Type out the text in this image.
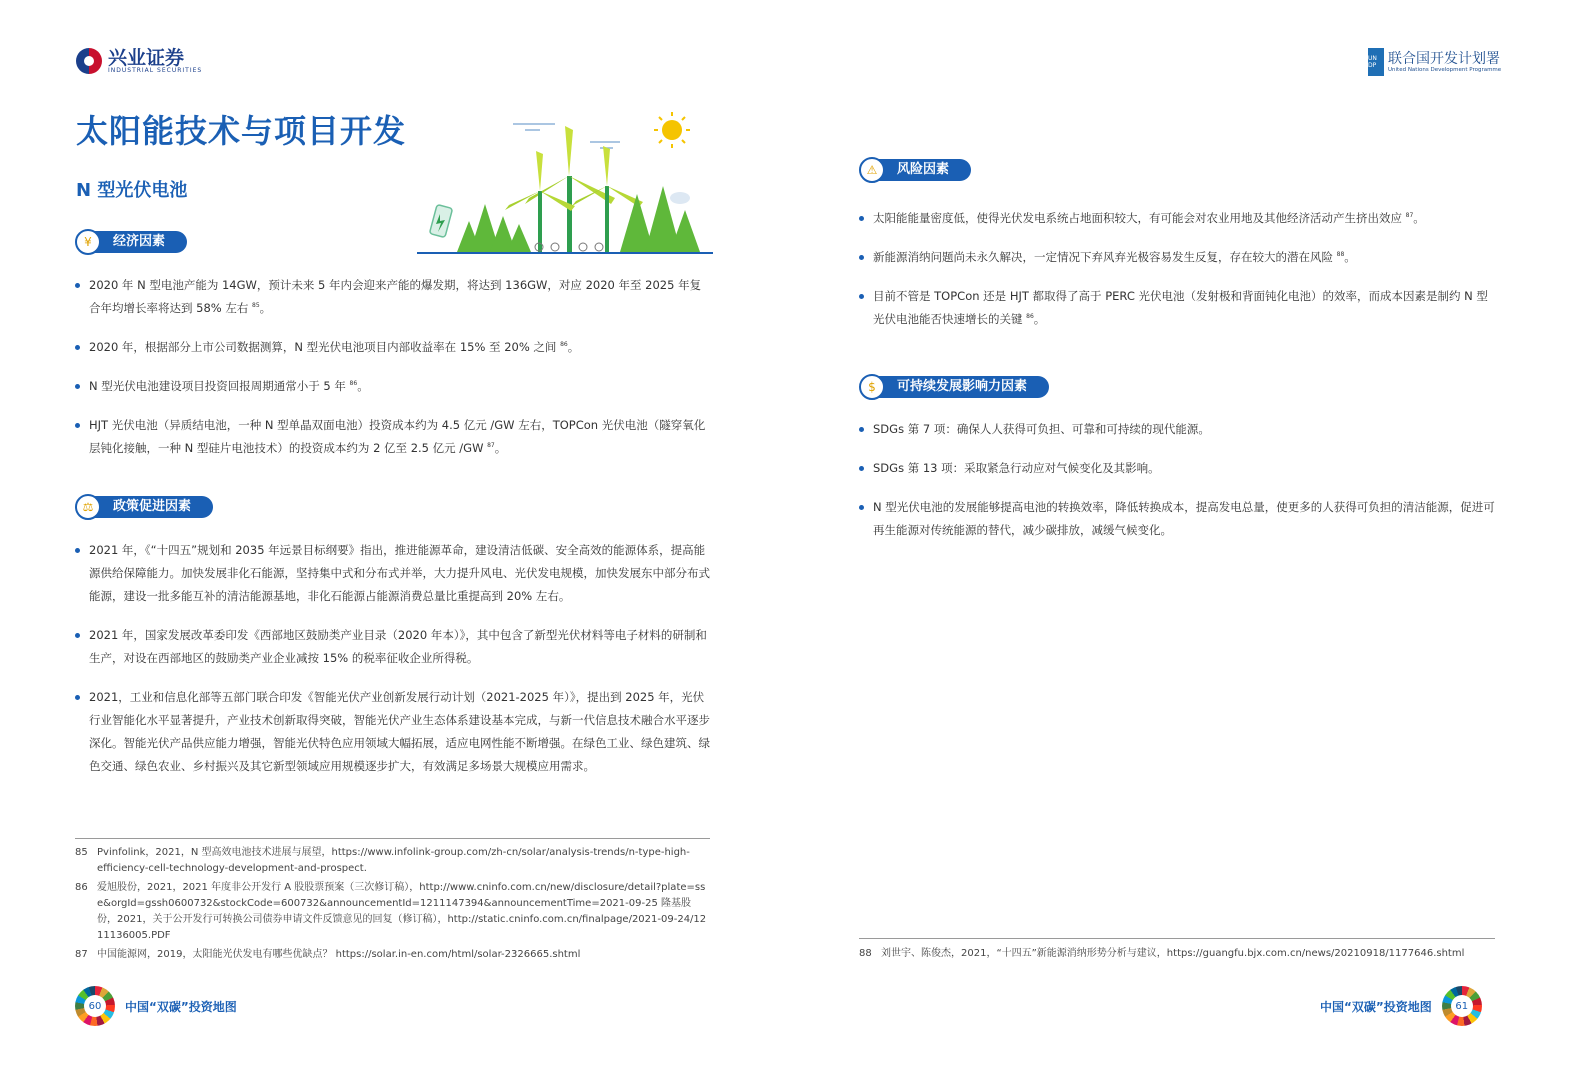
兴业证券
INDUSTRIAL SECURITIES
UN DP 联合国开发计划署
United Nations Development Programme
太阳能技术与项目开发
N 型光伏电池
¥	经济因素
2020 年 N 型电池产能为 14GW，预计未来 5 年内会迎来产能的爆发期，将达到 136GW，对应 2020 年至 2025 年复合年均增长率将达到 58% 左右 $^{85}$。
2020 年，根据部分上市公司数据测算，N 型光伏电池项目内部收益率在 15% 至 20% 之间 $^{86}$。
N 型光伏电池建设项目投资回报周期通常小于 5 年 $^{86}$。
HJT 光伏电池（异质结电池，一种 N 型单晶双面电池）投资成本约为 4.5 亿元 /GW 左右，TOPCon 光伏电池（隧穿氧化层钝化接触，一种 N 型硅片电池技术）的投资成本约为 2 亿至 2.5 亿元 /GW $^{87}$。
⚖	政策促进因素
2021 年，《“十四五”规划和 2035 年远景目标纲要》指出，推进能源革命，建设清洁低碳、安全高效的能源体系，提高能源供给保障能力。加快发展非化石能源，坚持集中式和分布式并举，大力提升风电、光伏发电规模，加快发展东中部分布式能源，建设一批多能互补的清洁能源基地，非化石能源占能源消费总量比重提高到 20% 左右。
2021 年，国家发展改革委印发《西部地区鼓励类产业目录（2020 年本）》，其中包含了新型光伏材料等电子材料的研制和生产，对设在西部地区的鼓励类产业企业减按 15% 的税率征收企业所得税。
2021，工业和信息化部等五部门联合印发《智能光伏产业创新发展行动计划（2021-2025 年）》，提出到 2025 年，光伏行业智能化水平显著提升，产业技术创新取得突破，智能光伏产业生态体系建设基本完成，与新一代信息技术融合水平逐步深化。智能光伏产品供应能力增强，智能光伏特色应用领域大幅拓展，适应电网性能不断增强。在绿色工业、绿色建筑、绿色交通、绿色农业、乡村振兴及其它新型领域应用规模逐步扩大，有效满足多场景大规模应用需求。
85 Pvinfolink，2021，N 型高效电池技术进展与展望，https://www.infolink-group.com/zh-cn/solar/analysis-trends/n-type-high-efficiency-cell-technology-development-and-prospect.
86 爱旭股份，2021，2021 年度非公开发行 A 股股票预案（三次修订稿），http://www.cninfo.com.cn/new/disclosure/detail?plate=sse&orgId=gssh0600732&stockCode=600732&announcementId=1211147394&announcementTime=2021-09-25 隆基股份，2021，关于公开发行可转换公司债券申请文件反馈意见的回复（修订稿），http://static.cninfo.com.cn/finalpage/2021-09-24/1211136005.PDF
87 中国能源网，2019，太阳能光伏发电有哪些优缺点？ https://solar.in-en.com/html/solar-2326665.shtml
⚠	风险因素
太阳能能量密度低，使得光伏发电系统占地面积较大，有可能会对农业用地及其他经济活动产生挤出效应 $^{87}$。
新能源消纳问题尚未永久解决，一定情况下弃风弃光极容易发生反复，存在较大的潜在风险 $^{88}$。
目前不管是 TOPCon 还是 HJT 都取得了高于 PERC 光伏电池（发射极和背面钝化电池）的效率，而成本因素是制约 N 型光伏电池能否快速增长的关键 $^{86}$。
$	可持续发展影响力因素
SDGs 第 7 项：确保人人获得可负担、可靠和可持续的现代能源。
SDGs 第 13 项：采取紧急行动应对气候变化及其影响。
N 型光伏电池的发展能够提高电池的转换效率，降低转换成本，提高发电总量，使更多的人获得可负担的清洁能源，促进可再生能源对传统能源的替代，减少碳排放，减缓气候变化。
88 刘世宇、陈俊杰，2021，“十四五”新能源消纳形势分析与建议，https://guangfu.bjx.com.cn/news/20210918/1177646.shtml
60	中国“双碳”投资地图	中国“双碳”投资地图	61
